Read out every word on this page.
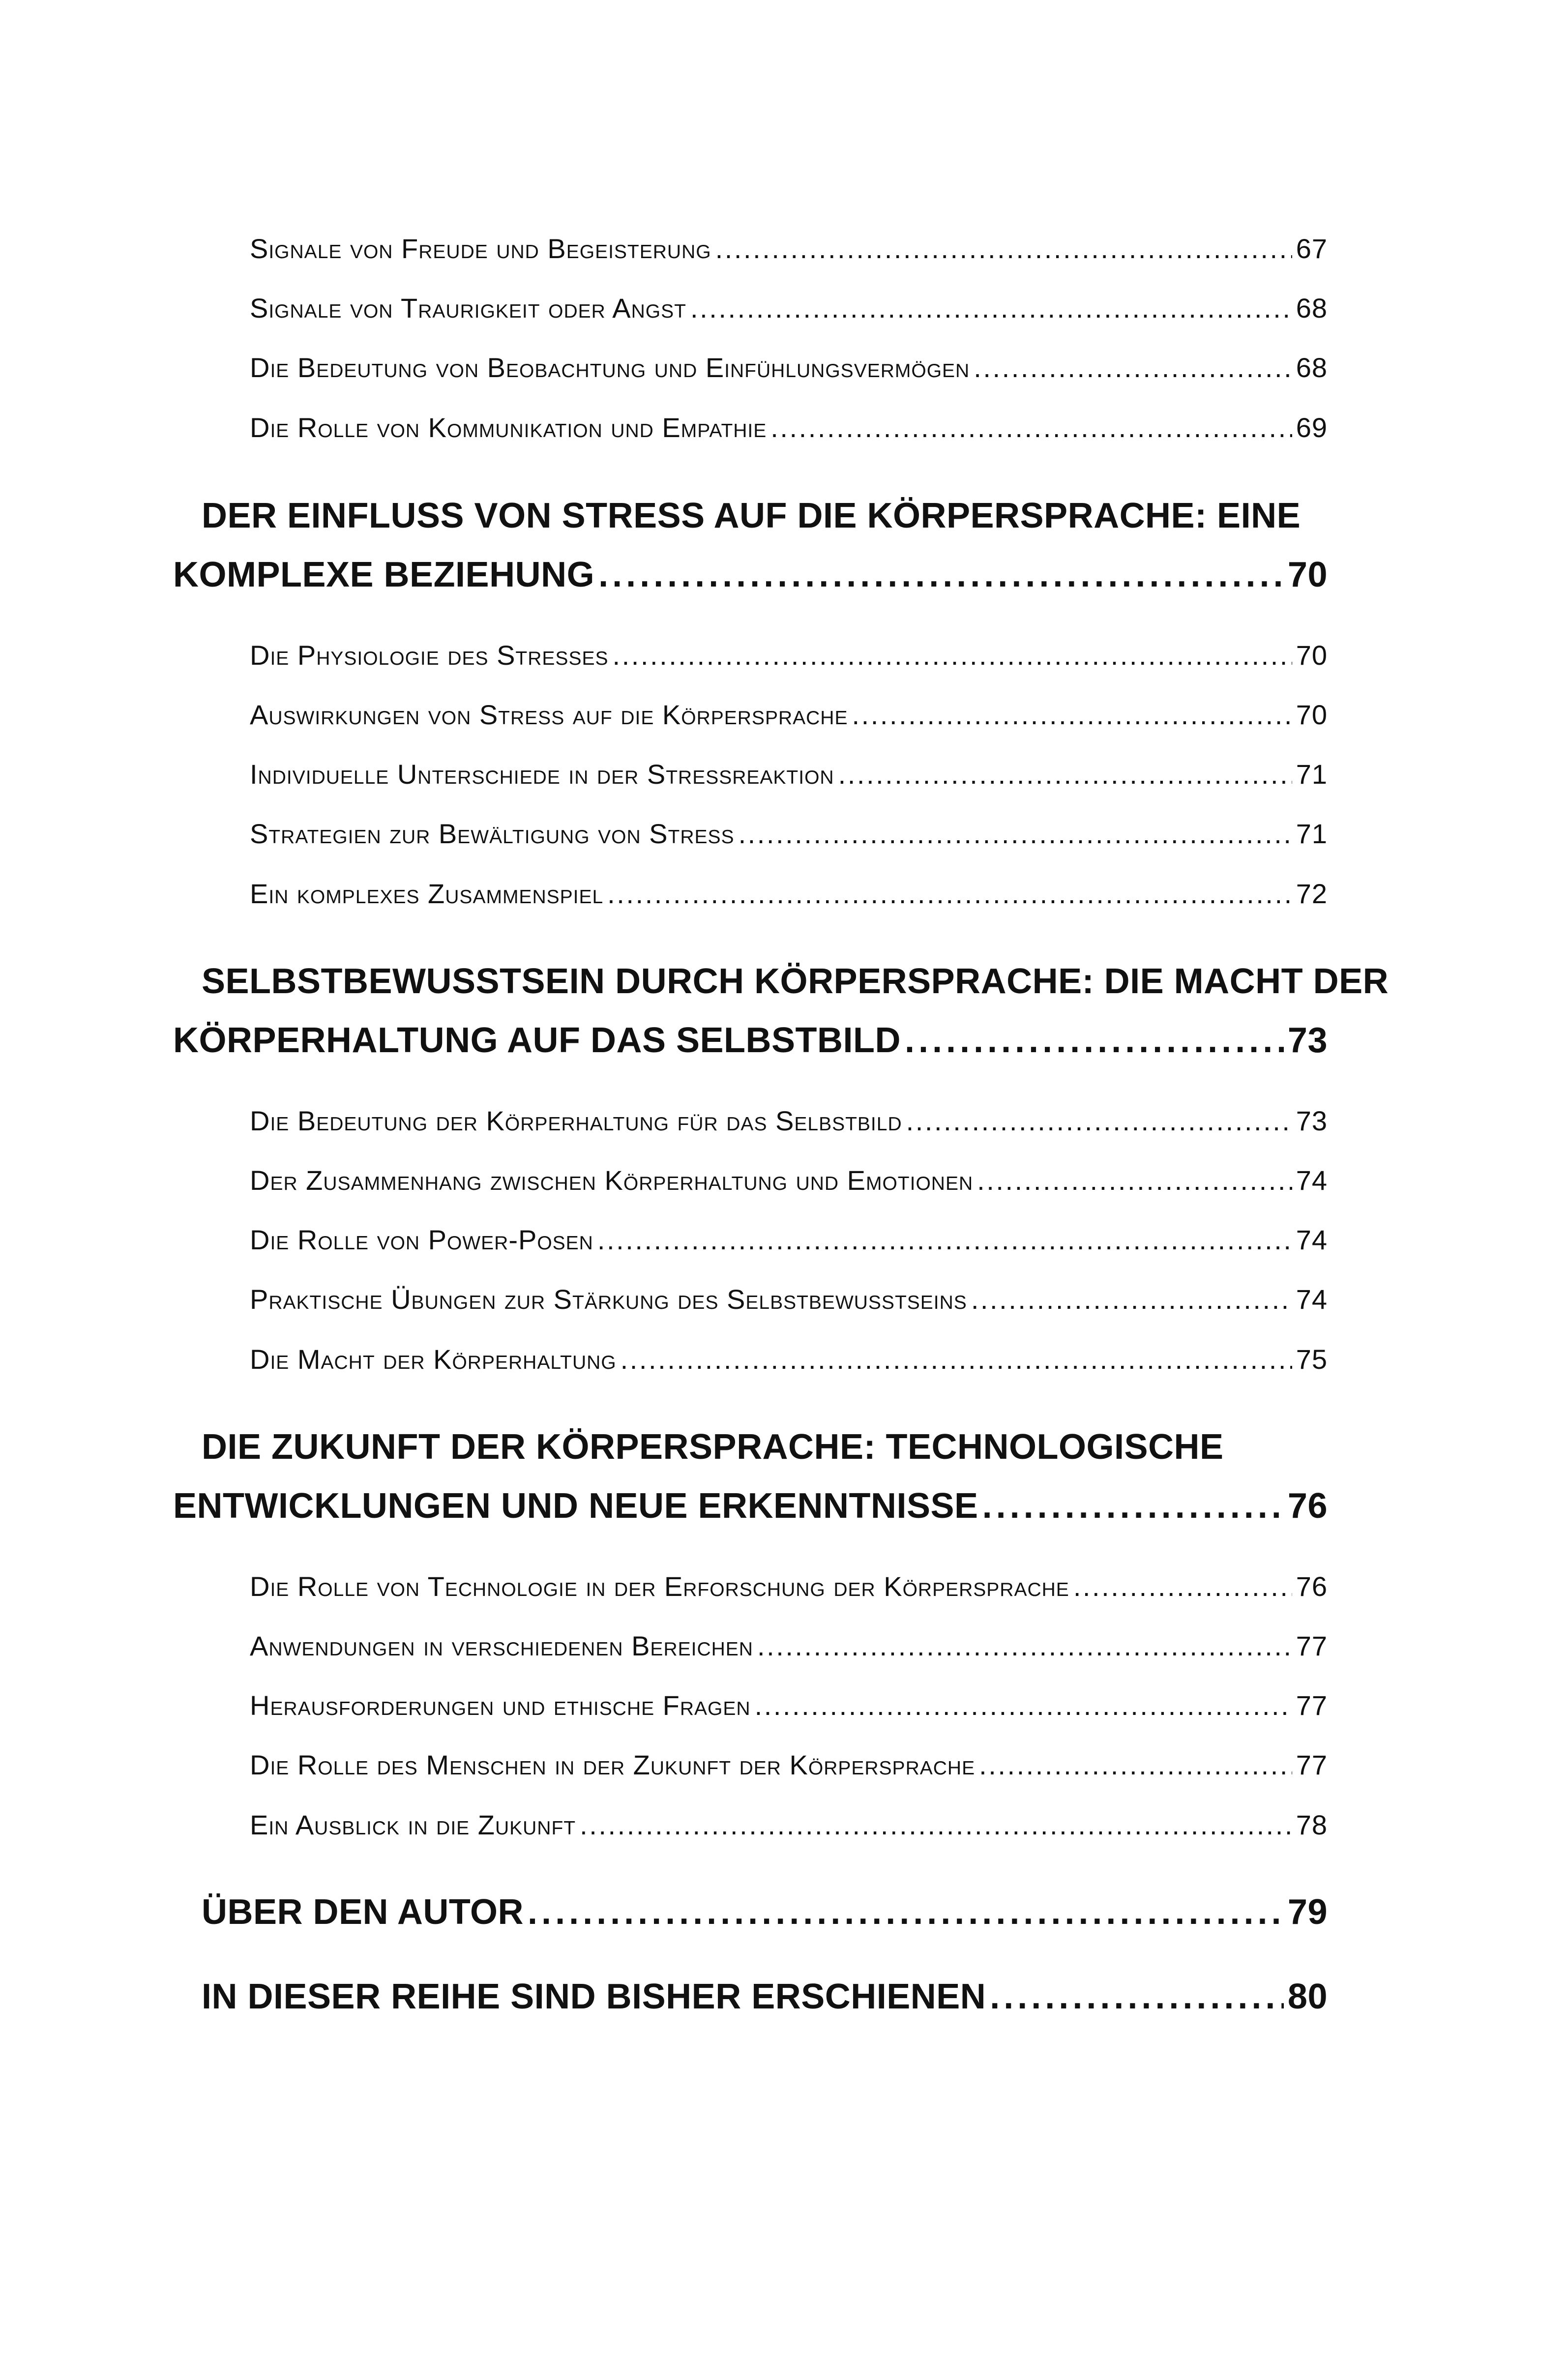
Signale von Freude und Begeisterung . . .	67
Signale von Traurigkeit oder Angst . . .	68
Die Bedeutung von Beobachtung und Einfühlungsvermögen . . .	68
Die Rolle von Kommunikation und Empathie . . .	69
DER EINFLUSS VON STRESS AUF DIE KÖRPERSPRACHE: EINE
KOMPLEXE BEZIEHUNG . . .	70
Die Physiologie des Stresses . . .	70
Auswirkungen von Stress auf die Körpersprache . . .	70
Individuelle Unterschiede in der Stressreaktion . . .	71
Strategien zur Bewältigung von Stress . . .	71
Ein komplexes Zusammenspiel . . .	72
SELBSTBEWUSSTSEIN DURCH KÖRPERSPRACHE: DIE MACHT DER
KÖRPERHALTUNG AUF DAS SELBSTBILD . . .	73
Die Bedeutung der Körperhaltung für das Selbstbild . . .	73
Der Zusammenhang zwischen Körperhaltung und Emotionen . . .	74
Die Rolle von Power-Posen . . .	74
Praktische Übungen zur Stärkung des Selbstbewusstseins . . .	74
Die Macht der Körperhaltung . . .	75
DIE ZUKUNFT DER KÖRPERSPRACHE: TECHNOLOGISCHE
ENTWICKLUNGEN UND NEUE ERKENNTNISSE . . .	76
Die Rolle von Technologie in der Erforschung der Körpersprache . . .	76
Anwendungen in verschiedenen Bereichen . . .	77
Herausforderungen und ethische Fragen . . .	77
Die Rolle des Menschen in der Zukunft der Körpersprache . . .	77
Ein Ausblick in die Zukunft . . .	78
ÜBER DEN AUTOR . . .	79
IN DIESER REIHE SIND BISHER ERSCHIENEN . . .	80
